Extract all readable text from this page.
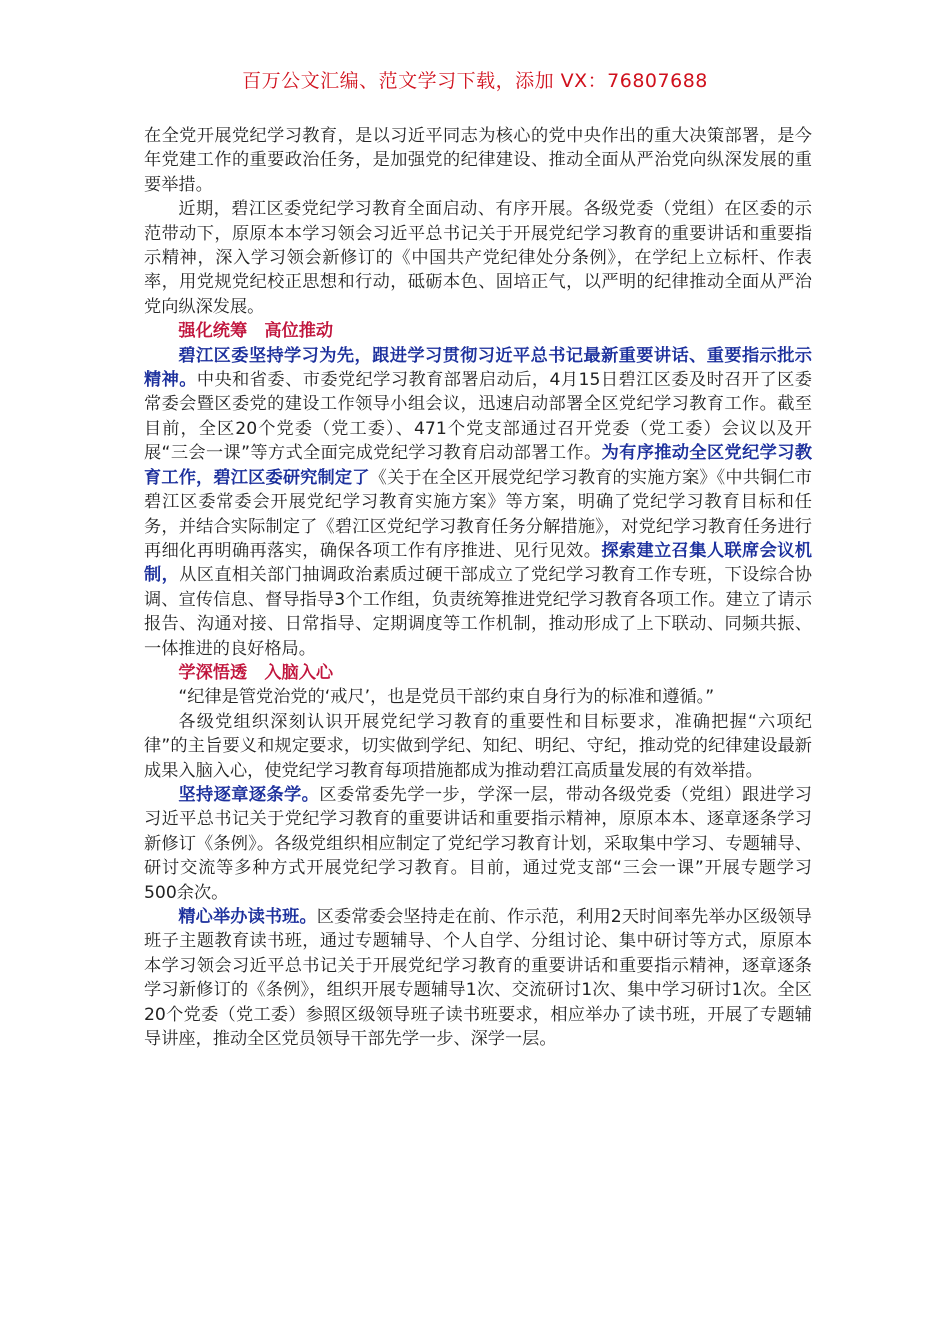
百万公文汇编、范文学习下载，添加 VX：76807688

在全党开展党纪学习教育，是以习近平同志为核心的党中央作出的重大决策部署，是今年党建工作的重要政治任务，是加强党的纪律建设、推动全面从严治党向纵深发展的重要举措。

近期，碧江区委党纪学习教育全面启动、有序开展。各级党委（党组）在区委的示范带动下，原原本本学习领会习近平总书记关于开展党纪学习教育的重要讲话和重要指示精神，深入学习领会新修订的《中国共产党纪律处分条例》，在学纪上立标杆、作表率，用党规党纪校正思想和行动，砥砺本色、固培正气，以严明的纪律推动全面从严治党向纵深发展。

强化统筹　高位推动

碧江区委坚持学习为先，跟进学习贯彻习近平总书记最新重要讲话、重要指示批示精神。中央和省委、市委党纪学习教育部署启动后，4月15日碧江区委及时召开了区委常委会暨区委党的建设工作领导小组会议，迅速启动部署全区党纪学习教育工作。截至目前，全区20个党委（党工委）、471个党支部通过召开党委（党工委）会议以及开展“三会一课”等方式全面完成党纪学习教育启动部署工作。为有序推动全区党纪学习教育工作，碧江区委研究制定了《关于在全区开展党纪学习教育的实施方案》《中共铜仁市碧江区委常委会开展党纪学习教育实施方案》等方案，明确了党纪学习教育目标和任务，并结合实际制定了《碧江区党纪学习教育任务分解措施》，对党纪学习教育任务进行再细化再明确再落实，确保各项工作有序推进、见行见效。探索建立召集人联席会议机制，从区直相关部门抽调政治素质过硬干部成立了党纪学习教育工作专班，下设综合协调、宣传信息、督导指导3个工作组，负责统筹推进党纪学习教育各项工作。建立了请示报告、沟通对接、日常指导、定期调度等工作机制，推动形成了上下联动、同频共振、一体推进的良好格局。

学深悟透　入脑入心

“纪律是管党治党的‘戒尺’，也是党员干部约束自身行为的标准和遵循。”

各级党组织深刻认识开展党纪学习教育的重要性和目标要求，准确把握“六项纪律”的主旨要义和规定要求，切实做到学纪、知纪、明纪、守纪，推动党的纪律建设最新成果入脑入心，使党纪学习教育每项措施都成为推动碧江高质量发展的有效举措。

坚持逐章逐条学。区委常委先学一步，学深一层，带动各级党委（党组）跟进学习习近平总书记关于党纪学习教育的重要讲话和重要指示精神，原原本本、逐章逐条学习新修订《条例》。各级党组织相应制定了党纪学习教育计划，采取集中学习、专题辅导、研讨交流等多种方式开展党纪学习教育。目前，通过党支部“三会一课”开展专题学习500余次。

精心举办读书班。区委常委会坚持走在前、作示范，利用2天时间率先举办区级领导班子主题教育读书班，通过专题辅导、个人自学、分组讨论、集中研讨等方式，原原本本学习领会习近平总书记关于开展党纪学习教育的重要讲话和重要指示精神，逐章逐条学习新修订的《条例》，组织开展专题辅导1次、交流研讨1次、集中学习研讨1次。全区20个党委（党工委）参照区级领导班子读书班要求，相应举办了读书班，开展了专题辅导讲座，推动全区党员领导干部先学一步、深学一层。
